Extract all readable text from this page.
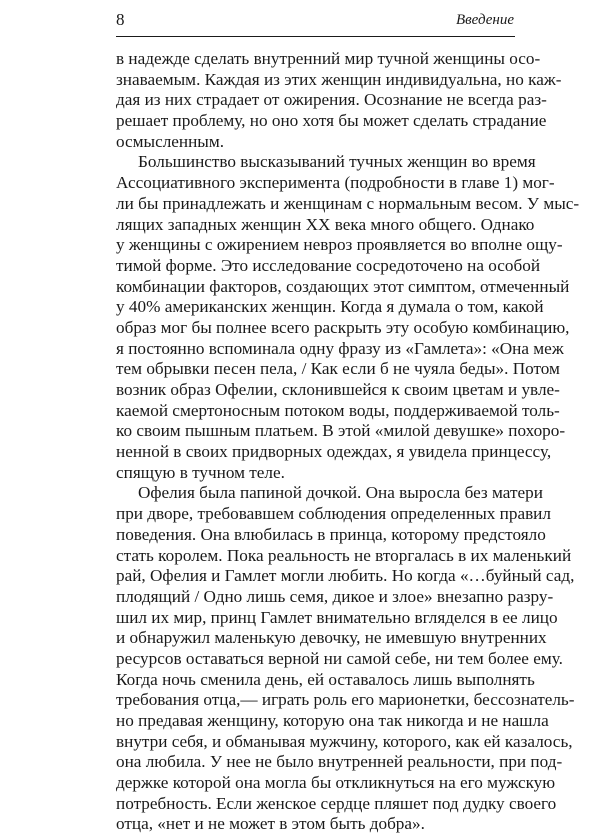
8	Введение
в надежде сделать внутренний мир тучной женщины осо-
знаваемым. Каждая из этих женщин индивидуальна, но каж-
дая из них страдает от ожирения. Осознание не всегда раз-
решает проблему, но оно хотя бы может сделать страдание
осмысленным.
Большинство высказываний тучных женщин во время
Ассоциативного эксперимента (подробности в главе 1) мог-
ли бы принадлежать и женщинам с нормальным весом. У мыс-
лящих западных женщин XX века много общего. Однако
у женщины с ожирением невроз проявляется во вполне ощу-
тимой форме. Это исследование сосредоточено на особой
комбинации факторов, создающих этот симптом, отмеченный
у 40% американских женщин. Когда я думала о том, какой
образ мог бы полнее всего раскрыть эту особую комбинацию,
я постоянно вспоминала одну фразу из «Гамлета»: «Она меж
тем обрывки песен пела, / Как если б не чуяла беды». Потом
возник образ Офелии, склонившейся к своим цветам и увле-
каемой смертоносным потоком воды, поддерживаемой толь-
ко своим пышным платьем. В этой «милой девушке» похоро-
ненной в своих придворных одеждах, я увидела принцессу,
спящую в тучном теле.
Офелия была папиной дочкой. Она выросла без матери
при дворе, требовавшем соблюдения определенных правил
поведения. Она влюбилась в принца, которому предстояло
стать королем. Пока реальность не вторгалась в их маленький
рай, Офелия и Гамлет могли любить. Но когда «…буйный сад,
плодящий / Одно лишь семя, дикое и злое» внезапно разру-
шил их мир, принц Гамлет внимательно вгляделся в ее лицо
и обнаружил маленькую девочку, не имевшую внутренних
ресурсов оставаться верной ни самой себе, ни тем более ему.
Когда ночь сменила день, ей оставалось лишь выполнять
требования отца,— играть роль его марионетки, бессознатель-
но предавая женщину, которую она так никогда и не нашла
внутри себя, и обманывая мужчину, которого, как ей казалось,
она любила. У нее не было внутренней реальности, при под-
держке которой она могла бы откликнуться на его мужскую
потребность. Если женское сердце пляшет под дудку своего
отца, «нет и не может в этом быть добра».
